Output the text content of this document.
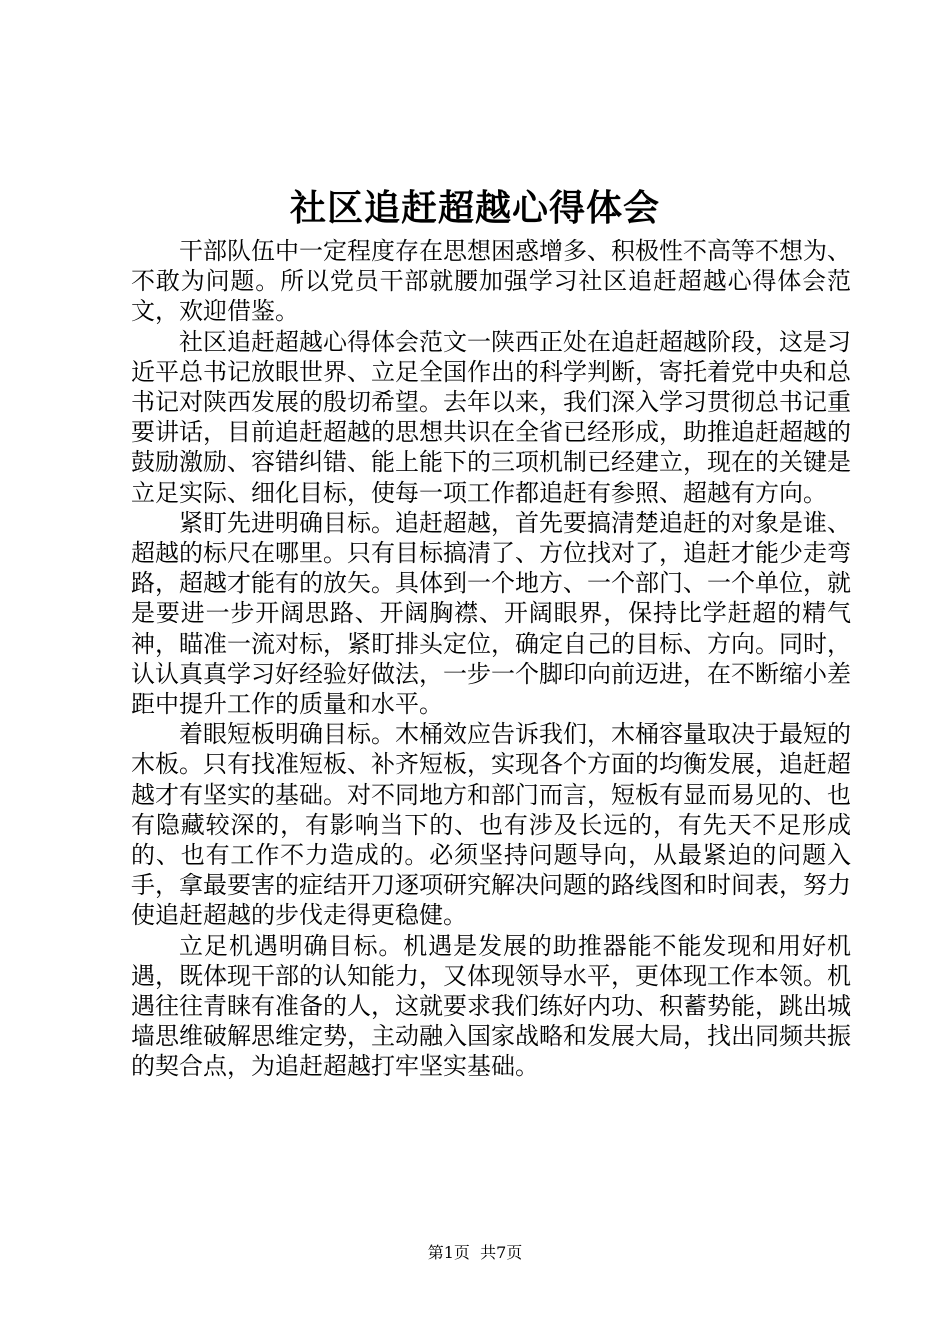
社区追赶超越心得体会

干部队伍中一定程度存在思想困惑增多、积极性不高等不想为、不敢为问题。所以党员干部就腰加强学习社区追赶超越心得体会范文，欢迎借鉴。

社区追赶超越心得体会范文一陕西正处在追赶超越阶段，这是习近平总书记放眼世界、立足全国作出的科学判断，寄托着党中央和总书记对陕西发展的殷切希望。去年以来，我们深入学习贯彻总书记重要讲话，目前追赶超越的思想共识在全省已经形成，助推追赶超越的鼓励激励、容错纠错、能上能下的三项机制已经建立，现在的关键是立足实际、细化目标，使每一项工作都追赶有参照、超越有方向。

紧盯先进明确目标。追赶超越，首先要搞清楚追赶的对象是谁、超越的标尺在哪里。只有目标搞清了、方位找对了，追赶才能少走弯路，超越才能有的放矢。具体到一个地方、一个部门、一个单位，就是要进一步开阔思路、开阔胸襟、开阔眼界，保持比学赶超的精气神，瞄准一流对标，紧盯排头定位，确定自己的目标、方向。同时，认认真真学习好经验好做法，一步一个脚印向前迈进，在不断缩小差距中提升工作的质量和水平。

着眼短板明确目标。木桶效应告诉我们，木桶容量取决于最短的木板。只有找准短板、补齐短板，实现各个方面的均衡发展，追赶超越才有坚实的基础。对不同地方和部门而言，短板有显而易见的、也有隐藏较深的，有影响当下的、也有涉及长远的，有先天不足形成的、也有工作不力造成的。必须坚持问题导向，从最紧迫的问题入手，拿最要害的症结开刀逐项研究解决问题的路线图和时间表，努力使追赶超越的步伐走得更稳健。

立足机遇明确目标。机遇是发展的助推器能不能发现和用好机遇，既体现干部的认知能力，又体现领导水平，更体现工作本领。机遇往往青睐有准备的人，这就要求我们练好内功、积蓄势能，跳出城墙思维破解思维定势，主动融入国家战略和发展大局，找出同频共振的契合点，为追赶超越打牢坚实基础。

第1页 共7页
